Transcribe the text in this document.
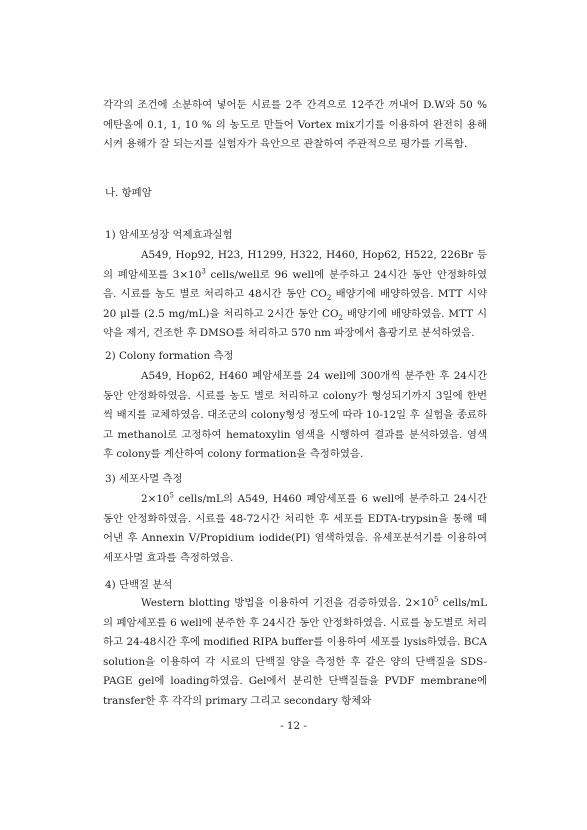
각각의 조건에 소분하여 넣어둔 시료를 2주 간격으로 12주간 꺼내어 D.W와 50 % 에탄올에 0.1, 1, 10 % 의 농도로 만들어 Vortex mix기기를 이용하여 완전히 용해시켜 용해가 잘 되는지를 실험자가 육안으로 관찰하여 주관적으로 평가를 기록함.

나. 항폐암

1) 암세포성장 억제효과실험

A549, Hop92, H23, H1299, H322, H460, Hop62, H522, 226Br 등의 폐암세포를 $3\times 10^3$ cells/well로 96 well에 분주하고 24시간 동안 안정화하였음. 시료를 농도 별로 처리하고 48시간 동안 $CO_2$ 배양기에 배양하였음. MTT 시약 20 μl를 (2.5 mg/mL)을 처리하고 2시간 동안 $CO_2$ 배양기에 배양하였음. MTT 시약을 제거, 건조한 후 DMSO를 처리하고 570 nm 파장에서 흡광기로 분석하였음.

2) Colony formation 측정

A549, Hop62, H460 폐암세포를 24 well에 300개씩 분주한 후 24시간 동안 안정화하였음. 시료를 농도 별로 처리하고 colony가 형성되기까지 3일에 한번씩 배지를 교체하였음. 대조군의 colony형성 정도에 따라 10-12일 후 실험을 종료하고 methanol로 고정하여 hematoxylin 염색을 시행하여 결과를 분석하였음. 염색 후 colony를 계산하여 colony formation을 측정하였음.

3) 세포사멸 측정

$2\times 10^5$ cells/mL의 A549, H460 폐암세포를 6 well에 분주하고 24시간 동안 안정화하였음. 시료를 48-72시간 처리한 후 세포를 EDTA-trypsin을 통해 떼어낸 후 Annexin V/Propidium iodide(PI) 염색하였음. 유세포분석기를 이용하여 세포사멸 효과를 측정하였음.

4) 단백질 분석

Western blotting 방법을 이용하여 기전을 검증하였음. $2\times 10^5$ cells/mL의 폐암세포를 6 well에 분주한 후 24시간 동안 안정화하였음. 시료를 농도별로 처리하고 24-48시간 후에 modified RIPA buffer를 이용하여 세포를 lysis하였음. BCA solution을 이용하여 각 시료의 단백질 양을 측정한 후 같은 양의 단백질을 SDS-PAGE gel에 loading하였음. Gel에서 분리한 단백질들을 PVDF membrane에 transfer한 후 각각의 primary 그리고 secondary 항체와

- 12 -
